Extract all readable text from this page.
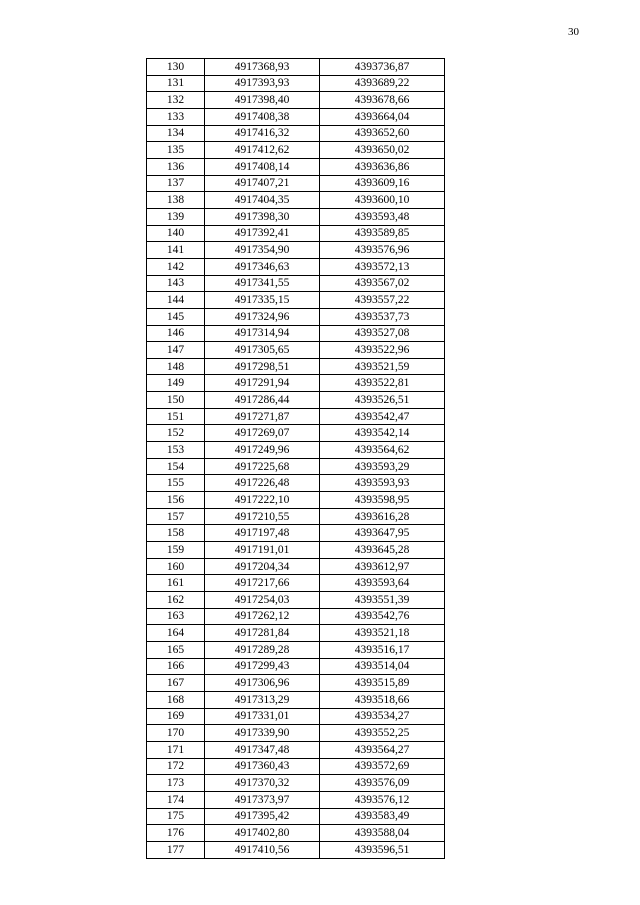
30
130	4917368,93	4393736,87
131	4917393,93	4393689,22
132	4917398,40	4393678,66
133	4917408,38	4393664,04
134	4917416,32	4393652,60
135	4917412,62	4393650,02
136	4917408,14	4393636,86
137	4917407,21	4393609,16
138	4917404,35	4393600,10
139	4917398,30	4393593,48
140	4917392,41	4393589,85
141	4917354,90	4393576,96
142	4917346,63	4393572,13
143	4917341,55	4393567,02
144	4917335,15	4393557,22
145	4917324,96	4393537,73
146	4917314,94	4393527,08
147	4917305,65	4393522,96
148	4917298,51	4393521,59
149	4917291,94	4393522,81
150	4917286,44	4393526,51
151	4917271,87	4393542,47
152	4917269,07	4393542,14
153	4917249,96	4393564,62
154	4917225,68	4393593,29
155	4917226,48	4393593,93
156	4917222,10	4393598,95
157	4917210,55	4393616,28
158	4917197,48	4393647,95
159	4917191,01	4393645,28
160	4917204,34	4393612,97
161	4917217,66	4393593,64
162	4917254,03	4393551,39
163	4917262,12	4393542,76
164	4917281,84	4393521,18
165	4917289,28	4393516,17
166	4917299,43	4393514,04
167	4917306,96	4393515,89
168	4917313,29	4393518,66
169	4917331,01	4393534,27
170	4917339,90	4393552,25
171	4917347,48	4393564,27
172	4917360,43	4393572,69
173	4917370,32	4393576,09
174	4917373,97	4393576,12
175	4917395,42	4393583,49
176	4917402,80	4393588,04
177	4917410,56	4393596,51
